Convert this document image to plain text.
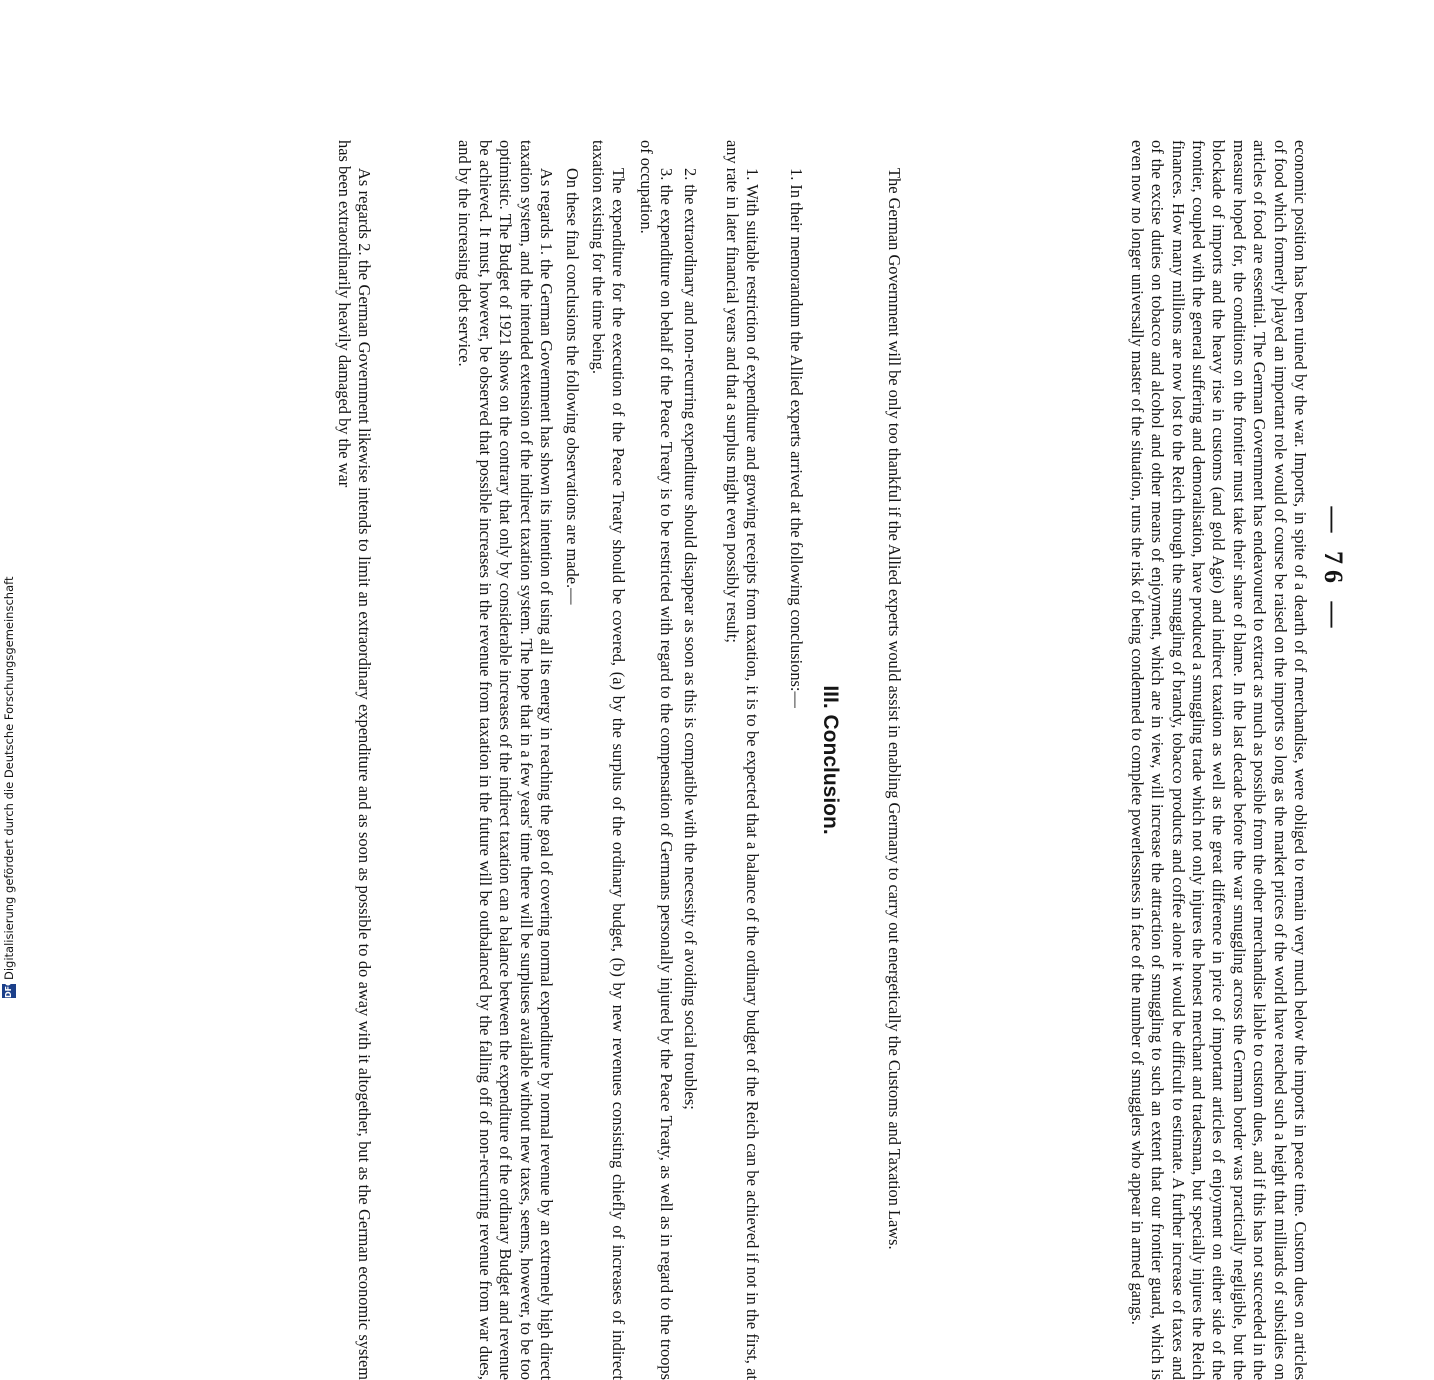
— 76 —

economic position has been ruined by the war. Imports, in spite of a dearth of of merchandise, were obliged to remain very much below the imports in peace time. Custom dues on articles of food which formerly played an important role would of course be raised on the imports so long as the market prices of the world have reached such a height that milliards of subsidies on articles of food are essential. The German Government has endeavoured to extract as much as possible from the other merchandise liable to custom dues, and if this has not succeeded in the measure hoped for, the conditions on the frontier must take their share of blame. In the last decade before the war smuggling across the German border was practically negligible, but the blockade of imports and the heavy rise in customs (and gold Agio) and indirect taxation as well as the great difference in price of important articles of enjoyment on either side of the frontier, coupled with the general suffering and demoralisation, have produced a smuggling trade which not only injures the honest merchant and tradesman, but specially injures the Reich finances. How many millions are now lost to the Reich through the smuggling of brandy, tobacco products and coffee alone it would be difficult to estimate. A further increase of taxes and of the excise duties on tobacco and alcohol and other means of enjoyment, which are in view, will increase the attraction of smuggling to such an extent that our frontier guard, which is even now no longer universally master of the situation, runs the risk of being condemned to complete powerlessness in face of the number of smugglers who appear in armed gangs.

The German Government will be only too thankful if the Allied experts would assist in enabling Germany to carry out energetically the Customs and Taxation Laws.

III. Conclusion.

1. In their memorandum the Allied experts arrived at the following conclusions:—

1. With suitable restriction of expenditure and growing receipts from taxation, it is to be expected that a balance of the ordinary budget of the Reich can be achieved if not in the first, at any rate in later financial years and that a surplus might even possibly result;

2. the extraordinary and non-recurring expenditure should disappear as soon as this is compatible with the necessity of avoiding social troubles;

3. the expenditure on behalf of the Peace Treaty is to be restricted with regard to the compensation of Germans personally injured by the Peace Treaty, as well as in regard to the troops of occupation.

The expenditure for the execution of the Peace Treaty should be covered, (a) by the surplus of the ordinary budget, (b) by new revenues consisting chiefly of increases of indirect taxation existing for the time being.

On these final conclusions the following observations are made.—

As regards 1. the German Government has shown its intention of using all its energy in reaching the goal of covering normal expenditure by normal revenue by an extremely high direct taxation system, and the intended extension of the indirect taxation system. The hope that in a few years' time there will be surpluses available without new taxes, seems, however, to be too optimistic. The Budget of 1921 shows on the contrary that only by considerable increases of the indirect taxation can a balance between the expenditure of the ordinary Budget and revenue be achieved. It must, however, be observed that possible increases in the revenue from taxation in the future will be outbalanced by the falling off of non-recurring revenue from war dues, and by the increasing debt service.

As regards 2. the German Government likewise intends to limit an extraordinary expenditure and as soon as possible to do away with it altogether, but as the German economic system has been extraordinarily heavily damaged by the war

DFG
Digitalisierung gefördert durch die Deutsche Forschungsgemeinschaft
